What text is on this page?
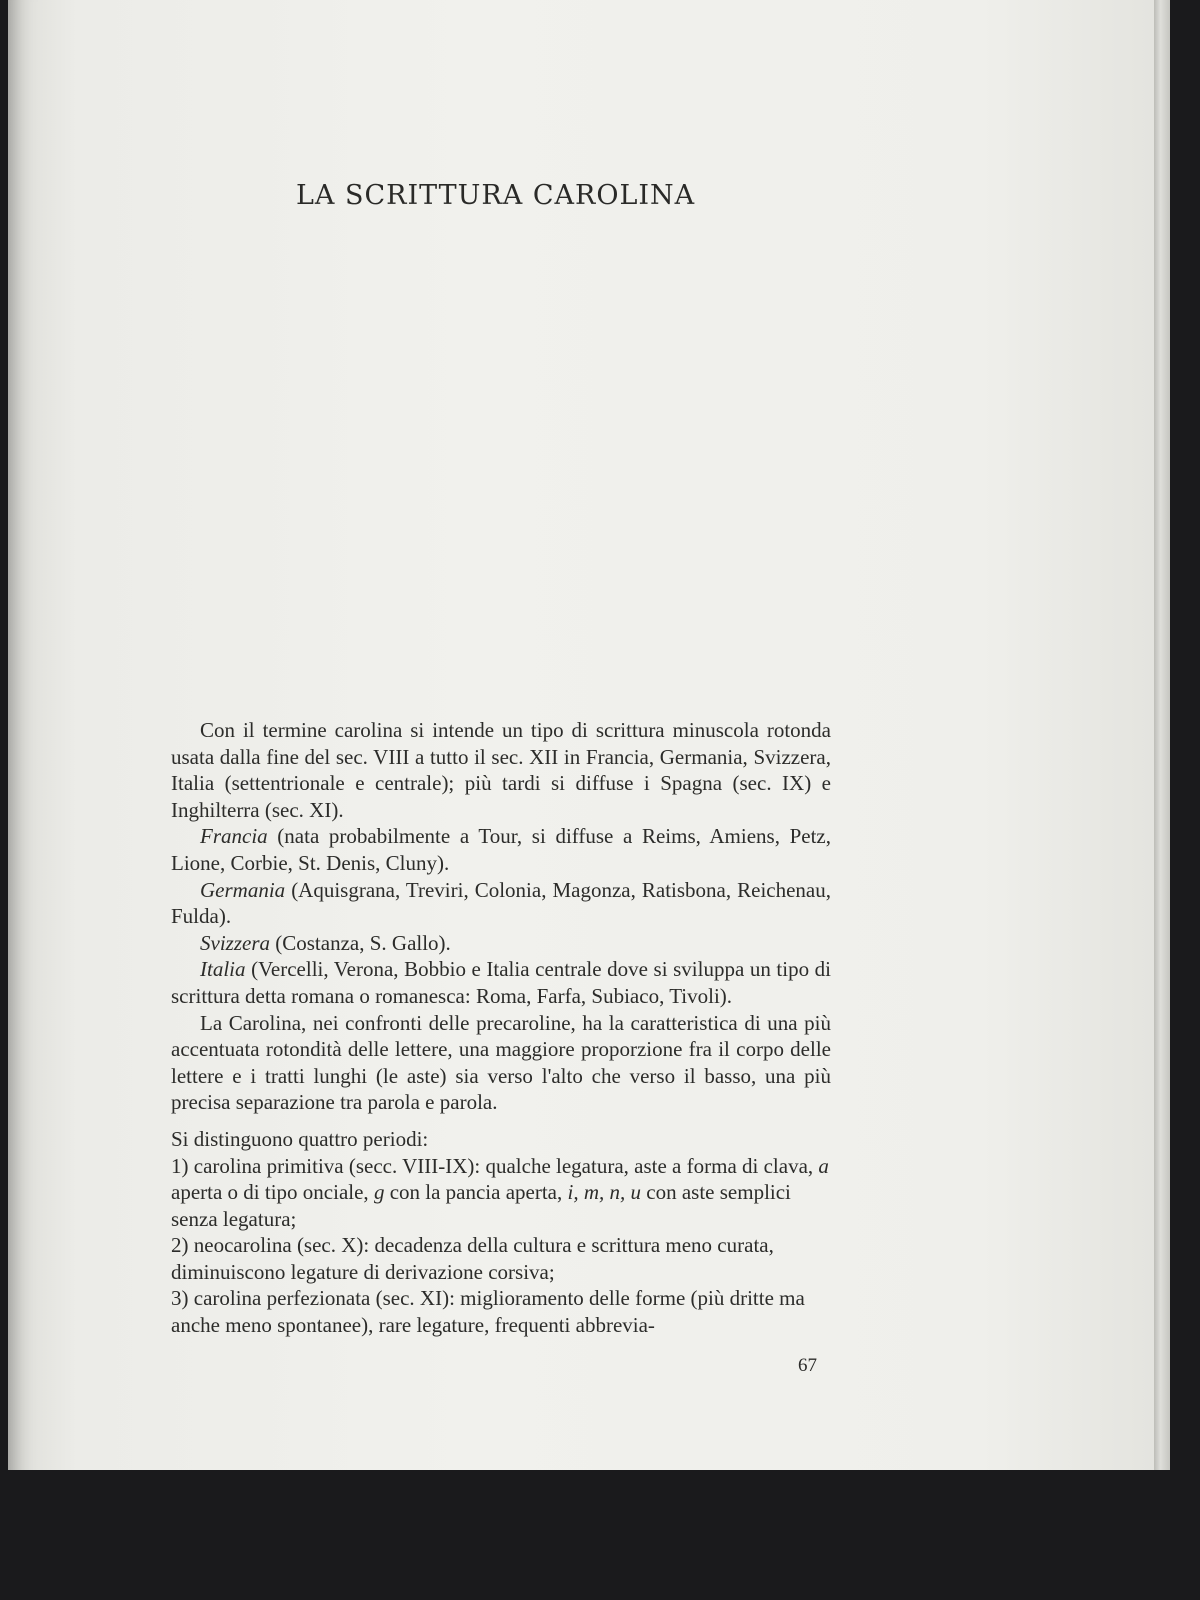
LA SCRITTURA CAROLINA

Con il termine carolina si intende un tipo di scrittura minuscola rotonda usata dalla fine del sec. VIII a tutto il sec. XII in Francia, Germania, Svizzera, Italia (settentrionale e centrale); più tardi si diffuse i Spagna (sec. IX) e Inghilterra (sec. XI).

Francia (nata probabilmente a Tour, si diffuse a Reims, Amiens, Petz, Lione, Corbie, St. Denis, Cluny).

Germania (Aquisgrana, Treviri, Colonia, Magonza, Ratisbona, Reichenau, Fulda).

Svizzera (Costanza, S. Gallo).

Italia (Vercelli, Verona, Bobbio e Italia centrale dove si sviluppa un tipo di scrittura detta romana o romanesca: Roma, Farfa, Subiaco, Tivoli).

La Carolina, nei confronti delle precaroline, ha la caratteristica di una più accentuata rotondità delle lettere, una maggiore proporzione fra il corpo delle lettere e i tratti lunghi (le aste) sia verso l'alto che verso il basso, una più precisa separazione tra parola e parola.

Si distinguono quattro periodi:
1) carolina primitiva (secc. VIII-IX): qualche legatura, aste a forma di clava, a aperta o di tipo onciale, g con la pancia aperta, i, m, n, u con aste semplici senza legatura;
2) neocarolina (sec. X): decadenza della cultura e scrittura meno curata, diminuiscono legature di derivazione corsiva;
3) carolina perfezionata (sec. XI): miglioramento delle forme (più dritte ma anche meno spontanee), rare legature, frequenti abbrevia-
67
